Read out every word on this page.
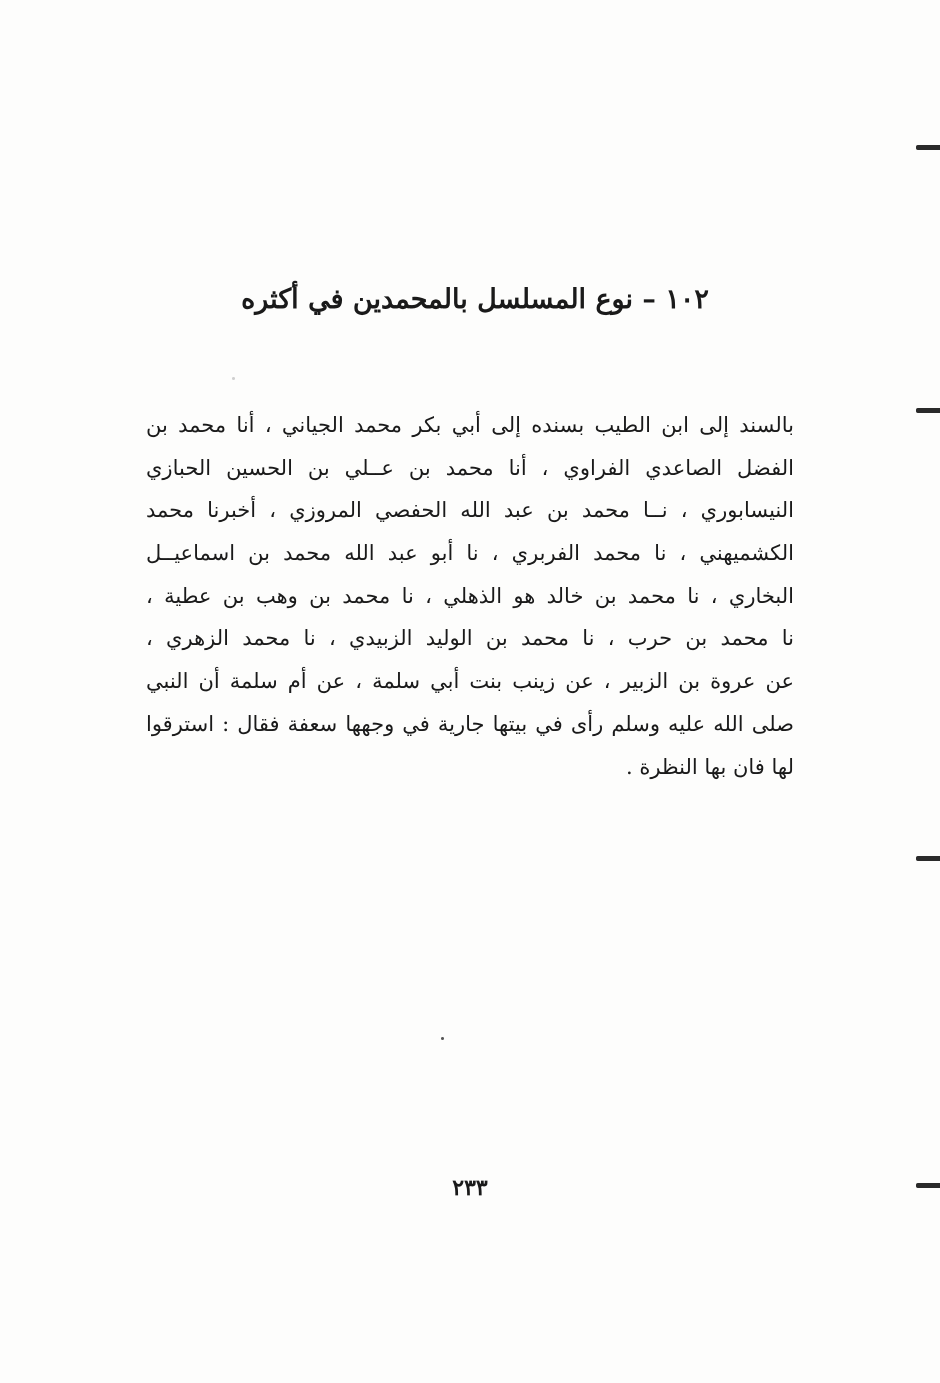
١٠٢ – نوع المسلسل بالمحمدين في أكثره
بالسند إلى ابن الطيب بسنده إلى أبي بكر محمد الجياني ، أنا محمد بن
الفضل الصاعدي الفراوي ، أنا محمد بن عــلي بن الحسين الحبازي
النيسابوري ، نــا محمد بن عبد الله الحفصي المروزي ، أخبرنا محمد
الكشميهني ، نا محمد الفربري ، نا أبو عبد الله محمد بن اسماعيــل
البخاري ، نا محمد بن خالد هو الذهلي ، نا محمد بن وهب بن عطية ،
نا محمد بن حرب ، نا محمد بن الوليد الزبيدي ، نا محمد الزهري ،
عن عروة بن الزبير ، عن زينب بنت أبي سلمة ، عن أم سلمة أن النبي
صلى الله عليه وسلم رأى في بيتها جارية في وجهها سعفة فقال : استرقوا
لها فان بها النظرة .
٢٣٣
